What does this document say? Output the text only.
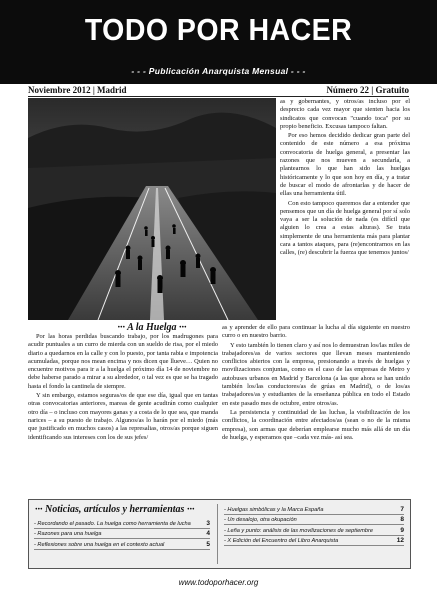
TODO POR HACER
- - - Publicación Anarquista Mensual - - -
Noviembre 2012 | Madrid	Número 22 | Gratuito
··· A la Huelga ···

as y gobernantes, y otros/as incluso por el desprecio cada vez mayor que sienten hacia los sindicatos que convocan "cuando toca" por su propio beneficio. Excusas tampoco faltan.

Por eso hemos decidido dedicar gran parte del contenido de este número a esa próxima convocatoria de huelga general, a presentar las razones que nos mueven a secundarla, a plantearnos lo que han sido las huelgas históricamente y lo que son hoy en día, y a tratar de buscar el modo de afrontarlas y de hacer de ellas una herramienta útil.

Con esto tampoco queremos dar a entender que pensemos que un día de huelga general por sí solo vaya a ser la solución de nada (es difícil que alguien lo crea a estas alturas). Se trata simplemente de una herramienta más para plantar cara a tantos ataques, para (re)encontrarnos en las calles, (re) descubrir la fuerza que tenemos juntos/

Por las horas perdidas buscando trabajo, por los madrugones para acudir puntuales a un curro de mierda con un sueldo de risa, por el miedo diario a quedarnos en la calle y con lo puesto, por tanta rabia e impotencia acumuladas, porque nos mean encima y nos dicen que llueve… Quien no encuentre motivos para ir a la huelga el próximo día 14 de noviembre no debe haberse parado a mirar a su alrededor, o tal vez es que se ha tragado hasta el fondo la cantinela de siempre.

Y sin embargo, estamos seguras/os de que ese día, igual que en tantas otras convocatorias anteriores, mareas de gente acudirán como cualquier otro día – o incluso con mayores ganas y a costa de lo que sea, que manda narices – a su puesto de trabajo. Algunos/as lo harán por el miedo (más que justificado en muchos casos) a las represalias, otros/as porque siguen identificando sus intereses con los de sus jefes/

as y aprender de ello para continuar la lucha al día siguiente en nuestro curro o en nuestro barrio.

Y esto también lo tienen claro y así nos lo demuestran los/las miles de trabajadores/as de varios sectores que llevan meses manteniendo conflictos abiertos con la empresa, presionando a través de huelgas y movilizaciones conjuntas, como es el caso de las empresas de Metro y autobuses urbanos en Madrid y Barcelona (a las que ahora se han unido también los/las conductores/as de grúas en Madrid), o de los/as trabajadores/as y estudiantes de la enseñanza pública en todo el Estado en este pasado mes de octubre, entre otros/as.

La persistencia y continuidad de las luchas, la visibilización de los conflictos, la coordinación entre afectados/as (sean o no de la misma empresa), son armas que deberían emplearse mucho más allá de un día de huelga, y esperamos que –cada vez más- así sea.

··· Noticias, artículos y herramientas ···
- Recordando el pasado. La huelga como herramienta de lucha 3
- Razones para una huelga	4
- Reflexiones sobre una huelga en el contexto actual	5
- Huelgas simbólicas y la Marca España	7
- Un desalojo, otra okupación	8
- Leña y punto: análisis de las movilizaciones de septiembre	9
- X Edición del Encuentro del Libro Anarquista	12
www.todoporhacer.org
